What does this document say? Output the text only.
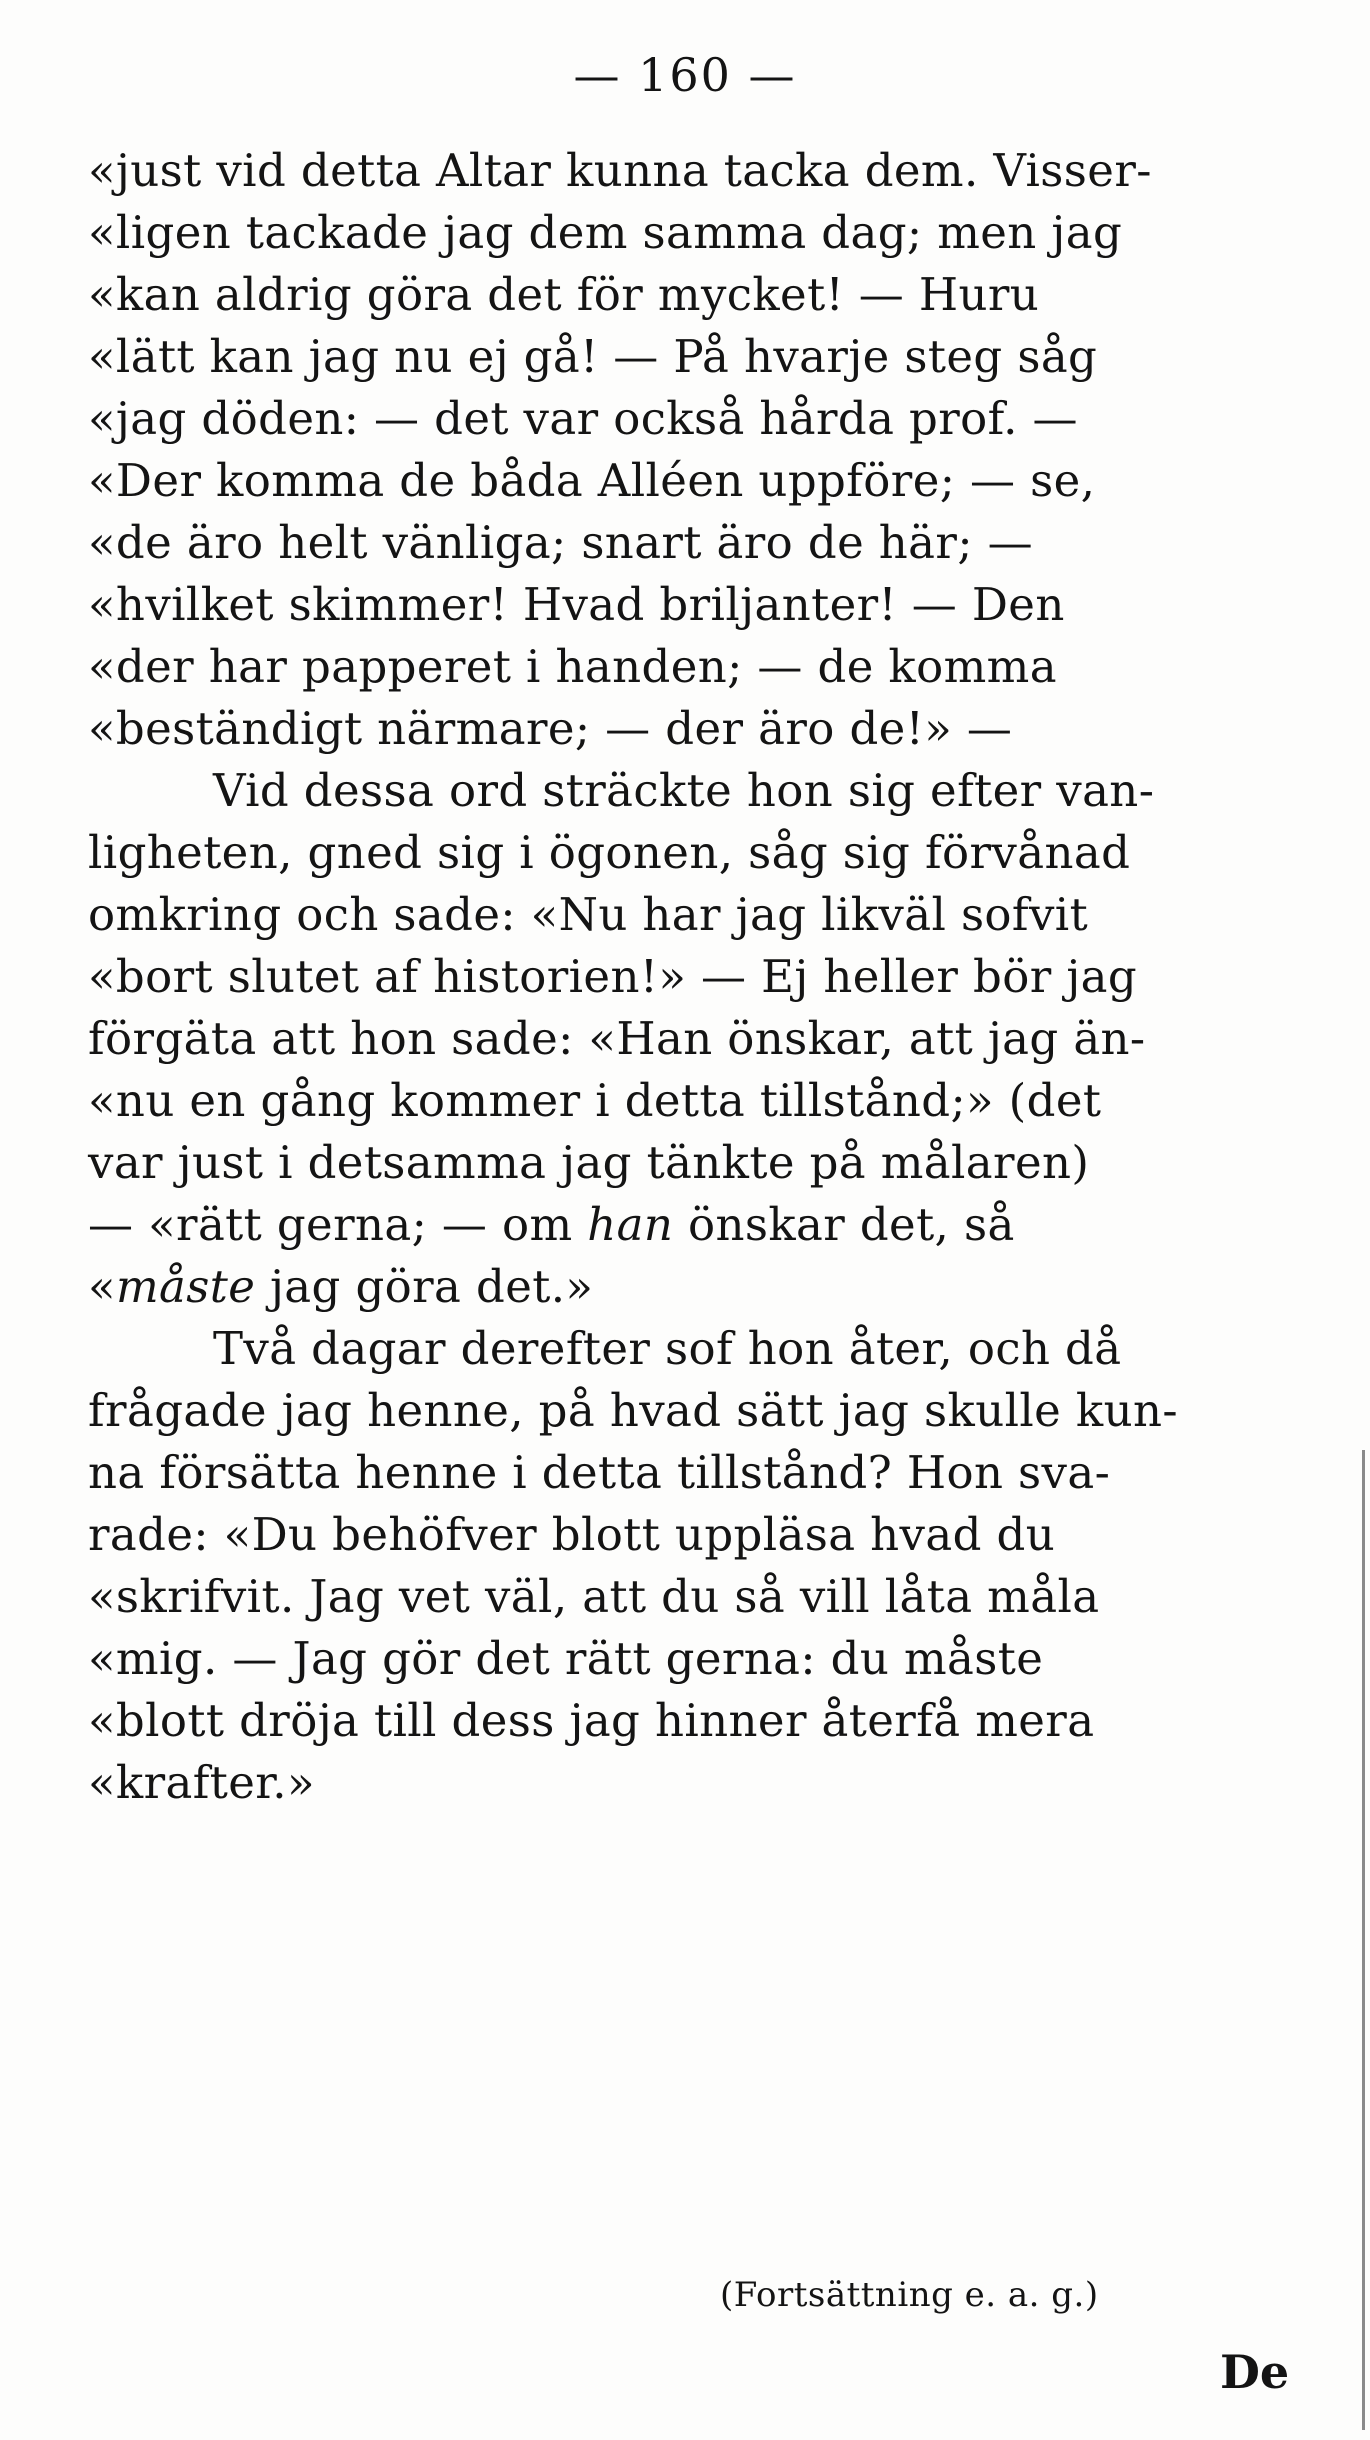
— 160 —
«just vid detta Altar kunna tacka dem. Visser-
«ligen tackade jag dem samma dag; men jag
«kan aldrig göra det för mycket! — Huru
«lätt kan jag nu ej gå! — På hvarje steg såg
«jag döden: — det var också hårda prof. —
«Der komma de båda Alléen uppföre; — se,
«de äro helt vänliga; snart äro de här; —
«hvilket skimmer! Hvad briljanter! — Den
«der har papperet i handen; — de komma
«beständigt närmare; — der äro de!» —
Vid dessa ord sträckte hon sig efter van-
ligheten, gned sig i ögonen, såg sig förvånad
omkring och sade: «Nu har jag likväl sofvit
«bort slutet af historien!» — Ej heller bör jag
förgäta att hon sade: «Han önskar, att jag än-
«nu en gång kommer i detta tillstånd;» (det
var just i detsamma jag tänkte på målaren)
— «rätt gerna; — om han önskar det, så
«måste jag göra det.»
Två dagar derefter sof hon åter, och då
frågade jag henne, på hvad sätt jag skulle kun-
na försätta henne i detta tillstånd? Hon sva-
rade: «Du behöfver blott uppläsa hvad du
«skrifvit. Jag vet väl, att du så vill låta måla
«mig. — Jag gör det rätt gerna: du måste
«blott dröja till dess jag hinner återfå mera
«krafter.»
(Fortsättning e. a. g.)
De
